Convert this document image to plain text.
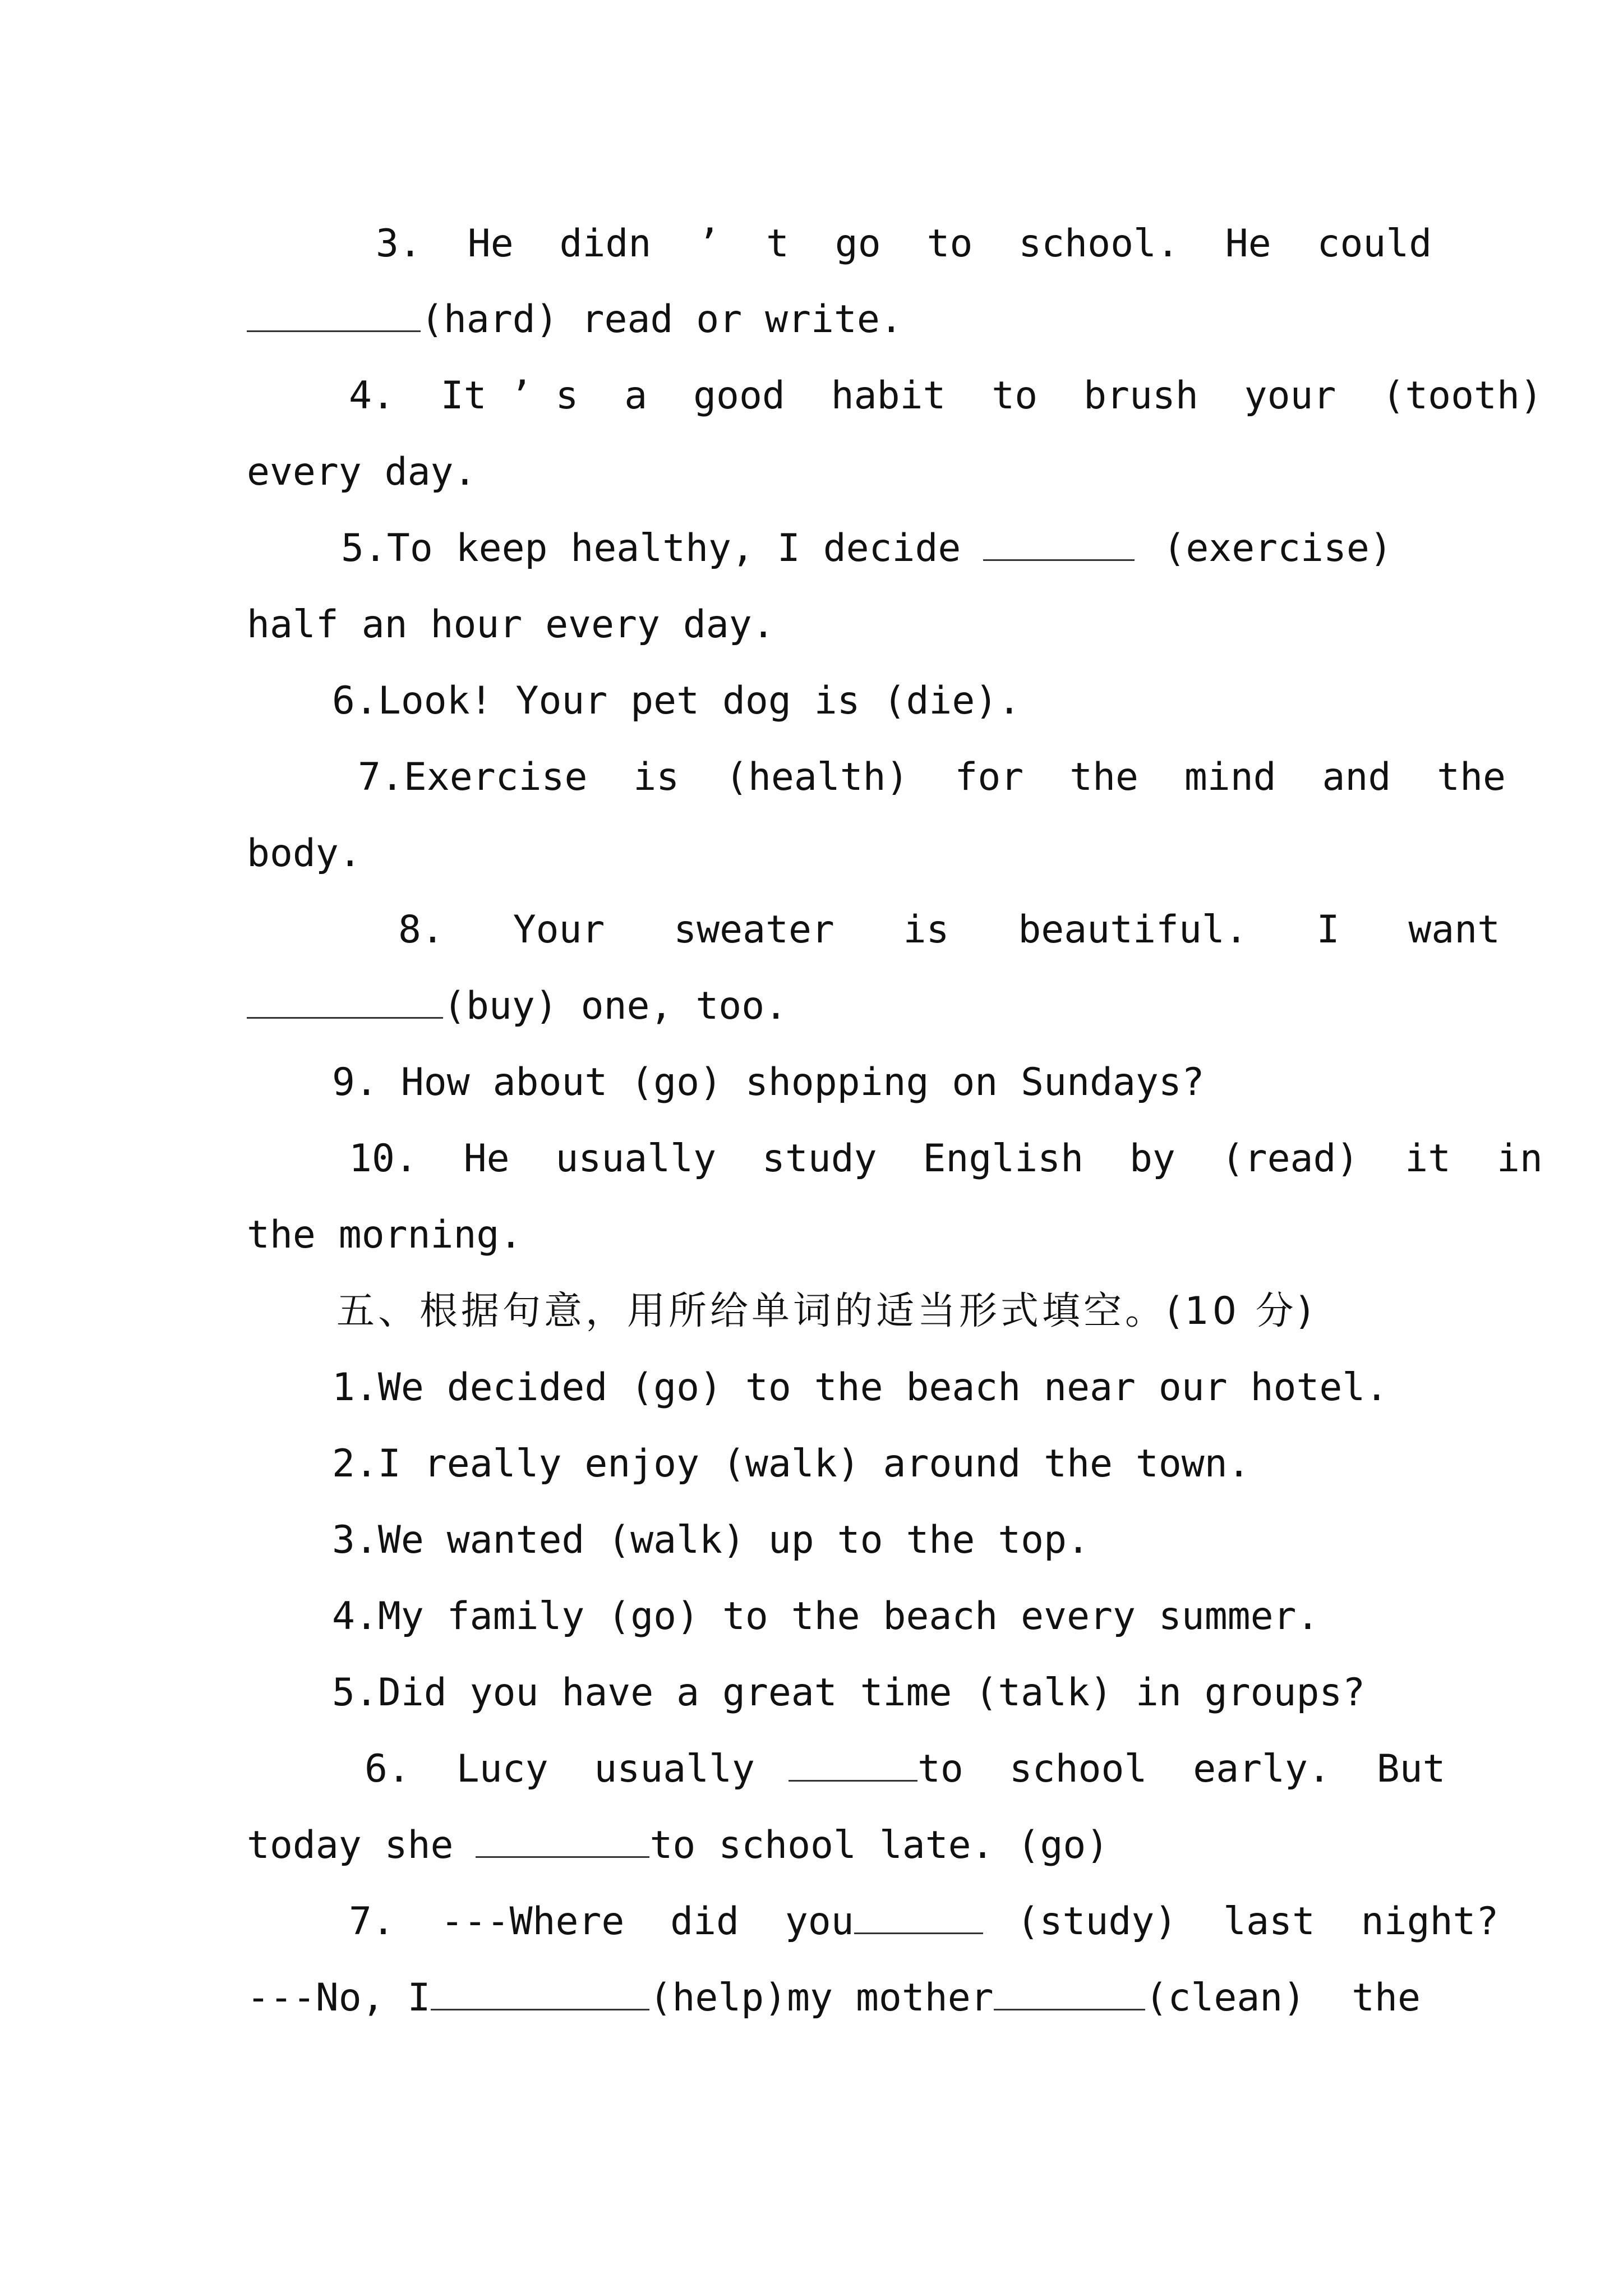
3.  He  didn  ’  t  go  to  school.  He  could
(hard) read or write.
4.  It ’ s  a  good  habit  to  brush  your  (tooth)
every day.
5.To keep healthy, I decide	(exercise)
half an hour every day.
6.Look! Your pet dog is (die).
7.Exercise  is  (health)  for  the  mind  and  the
body.
8.   Your   sweater   is   beautiful.   I   want
(buy) one, too.
9. How about (go) shopping on Sundays?
10.  He  usually  study  English  by  (read)  it  in
the morning.
五、根据句意，用所给单词的适当形式填空。(10 分)
1.We decided (go) to the beach near our hotel.
2.I really enjoy (walk) around the town.
3.We wanted (walk) up to the top.
4.My family (go) to the beach every summer.
5.Did you have a great time (talk) in groups?
6.  Lucy  usually	to  school  early.  But
today she	to school late. (go)
7.  ---Where  did  you	(study)  last  night?
---No, I	(help)my mother	(clean)  the
